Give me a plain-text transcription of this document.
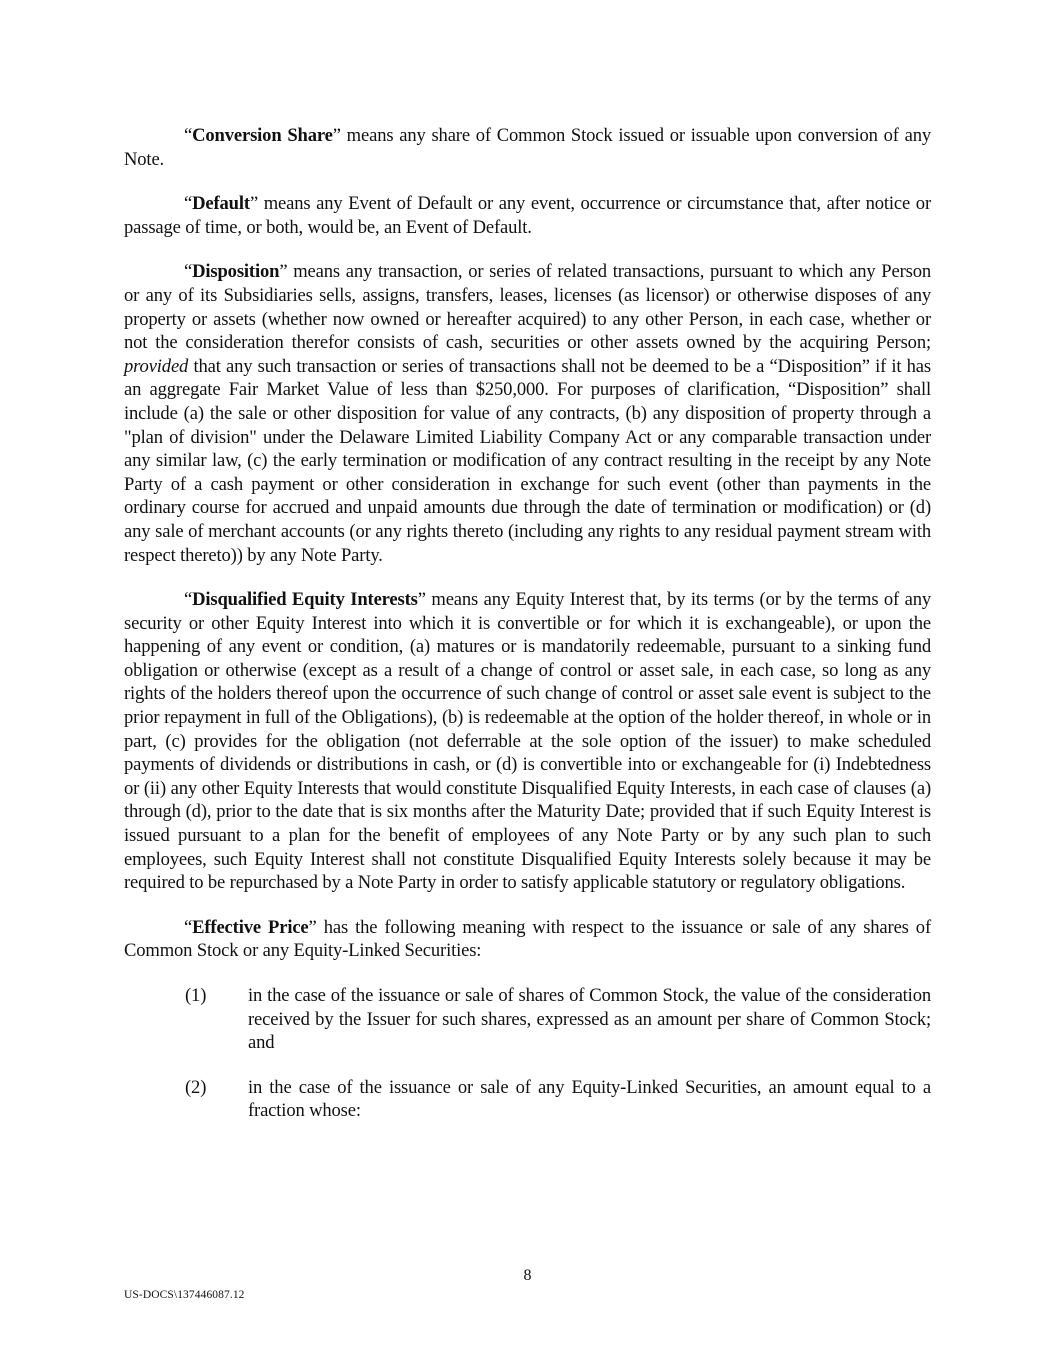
“Conversion Share” means any share of Common Stock issued or issuable upon conversion of any Note.

“Default” means any Event of Default or any event, occurrence or circumstance that, after notice or passage of time, or both, would be, an Event of Default.

“Disposition” means any transaction, or series of related transactions, pursuant to which any Person or any of its Subsidiaries sells, assigns, transfers, leases, licenses (as licensor) or otherwise disposes of any property or assets (whether now owned or hereafter acquired) to any other Person, in each case, whether or not the consideration therefor consists of cash, securities or other assets owned by the acquiring Person; provided that any such transaction or series of transactions shall not be deemed to be a “Disposition” if it has an aggregate Fair Market Value of less than $250,000. For purposes of clarification, “Disposition” shall include (a) the sale or other disposition for value of any contracts, (b) any disposition of property through a "plan of division" under the Delaware Limited Liability Company Act or any comparable transaction under any similar law, (c) the early termination or modification of any contract resulting in the receipt by any Note Party of a cash payment or other consideration in exchange for such event (other than payments in the ordinary course for accrued and unpaid amounts due through the date of termination or modification) or (d) any sale of merchant accounts (or any rights thereto (including any rights to any residual payment stream with respect thereto)) by any Note Party.

“Disqualified Equity Interests” means any Equity Interest that, by its terms (or by the terms of any security or other Equity Interest into which it is convertible or for which it is exchangeable), or upon the happening of any event or condition, (a) matures or is mandatorily redeemable, pursuant to a sinking fund obligation or otherwise (except as a result of a change of control or asset sale, in each case, so long as any rights of the holders thereof upon the occurrence of such change of control or asset sale event is subject to the prior repayment in full of the Obligations), (b) is redeemable at the option of the holder thereof, in whole or in part, (c) provides for the obligation (not deferrable at the sole option of the issuer) to make scheduled payments of dividends or distributions in cash, or (d) is convertible into or exchangeable for (i) Indebtedness or (ii) any other Equity Interests that would constitute Disqualified Equity Interests, in each case of clauses (a) through (d), prior to the date that is six months after the Maturity Date; provided that if such Equity Interest is issued pursuant to a plan for the benefit of employees of any Note Party or by any such plan to such employees, such Equity Interest shall not constitute Disqualified Equity Interests solely because it may be required to be repurchased by a Note Party in order to satisfy applicable statutory or regulatory obligations.

“Effective Price” has the following meaning with respect to the issuance or sale of any shares of Common Stock or any Equity-Linked Securities:

(1) in the case of the issuance or sale of shares of Common Stock, the value of the consideration received by the Issuer for such shares, expressed as an amount per share of Common Stock; and
(2) in the case of the issuance or sale of any Equity-Linked Securities, an amount equal to a fraction whose:
8
US-DOCS\137446087.12
